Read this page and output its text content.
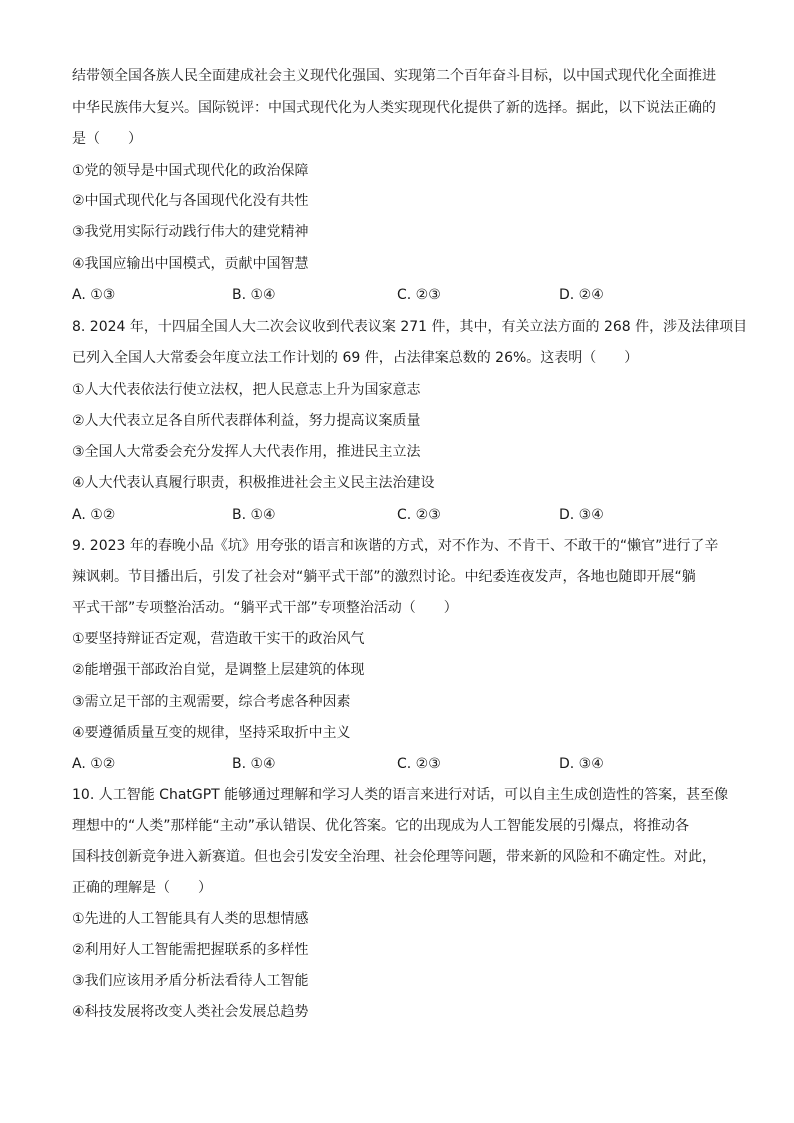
结带领全国各族人民全面建成社会主义现代化强国、实现第二个百年奋斗目标，以中国式现代化全面推进
中华民族伟大复兴。国际锐评：中国式现代化为人类实现现代化提供了新的选择。据此，以下说法正确的
是（　　）
①党的领导是中国式现代化的政治保障
②中国式现代化与各国现代化没有共性
③我党用实际行动践行伟大的建党精神
④我国应输出中国模式，贡献中国智慧
A. ①③	B. ①④	C. ②③	D. ②④
8. 2024 年，十四届全国人大二次会议收到代表议案 271 件，其中，有关立法方面的 268 件，涉及法律项目
已列入全国人大常委会年度立法工作计划的 69 件，占法律案总数的 26%。这表明（　　）
①人大代表依法行使立法权，把人民意志上升为国家意志
②人大代表立足各自所代表群体利益，努力提高议案质量
③全国人大常委会充分发挥人大代表作用，推进民主立法
④人大代表认真履行职责，积极推进社会主义民主法治建设
A. ①②	B. ①④	C. ②③	D. ③④
9. 2023 年的春晚小品《坑》用夸张的语言和诙谐的方式，对不作为、不肯干、不敢干的“懒官”进行了辛
辣讽刺。节目播出后，引发了社会对“躺平式干部”的激烈讨论。中纪委连夜发声，各地也随即开展“躺
平式干部”专项整治活动。“躺平式干部”专项整治活动（　　）
①要坚持辩证否定观，营造敢干实干的政治风气
②能增强干部政治自觉，是调整上层建筑的体现
③需立足干部的主观需要，综合考虑各种因素
④要遵循质量互变的规律，坚持采取折中主义
A. ①②	B. ①④	C. ②③	D. ③④
10. 人工智能 ChatGPT 能够通过理解和学习人类的语言来进行对话，可以自主生成创造性的答案，甚至像
理想中的“人类”那样能“主动”承认错误、优化答案。它的出现成为人工智能发展的引爆点，将推动各
国科技创新竞争进入新赛道。但也会引发安全治理、社会伦理等问题，带来新的风险和不确定性。对此，
正确的理解是（　　）
①先进的人工智能具有人类的思想情感
②利用好人工智能需把握联系的多样性
③我们应该用矛盾分析法看待人工智能
④科技发展将改变人类社会发展总趋势
